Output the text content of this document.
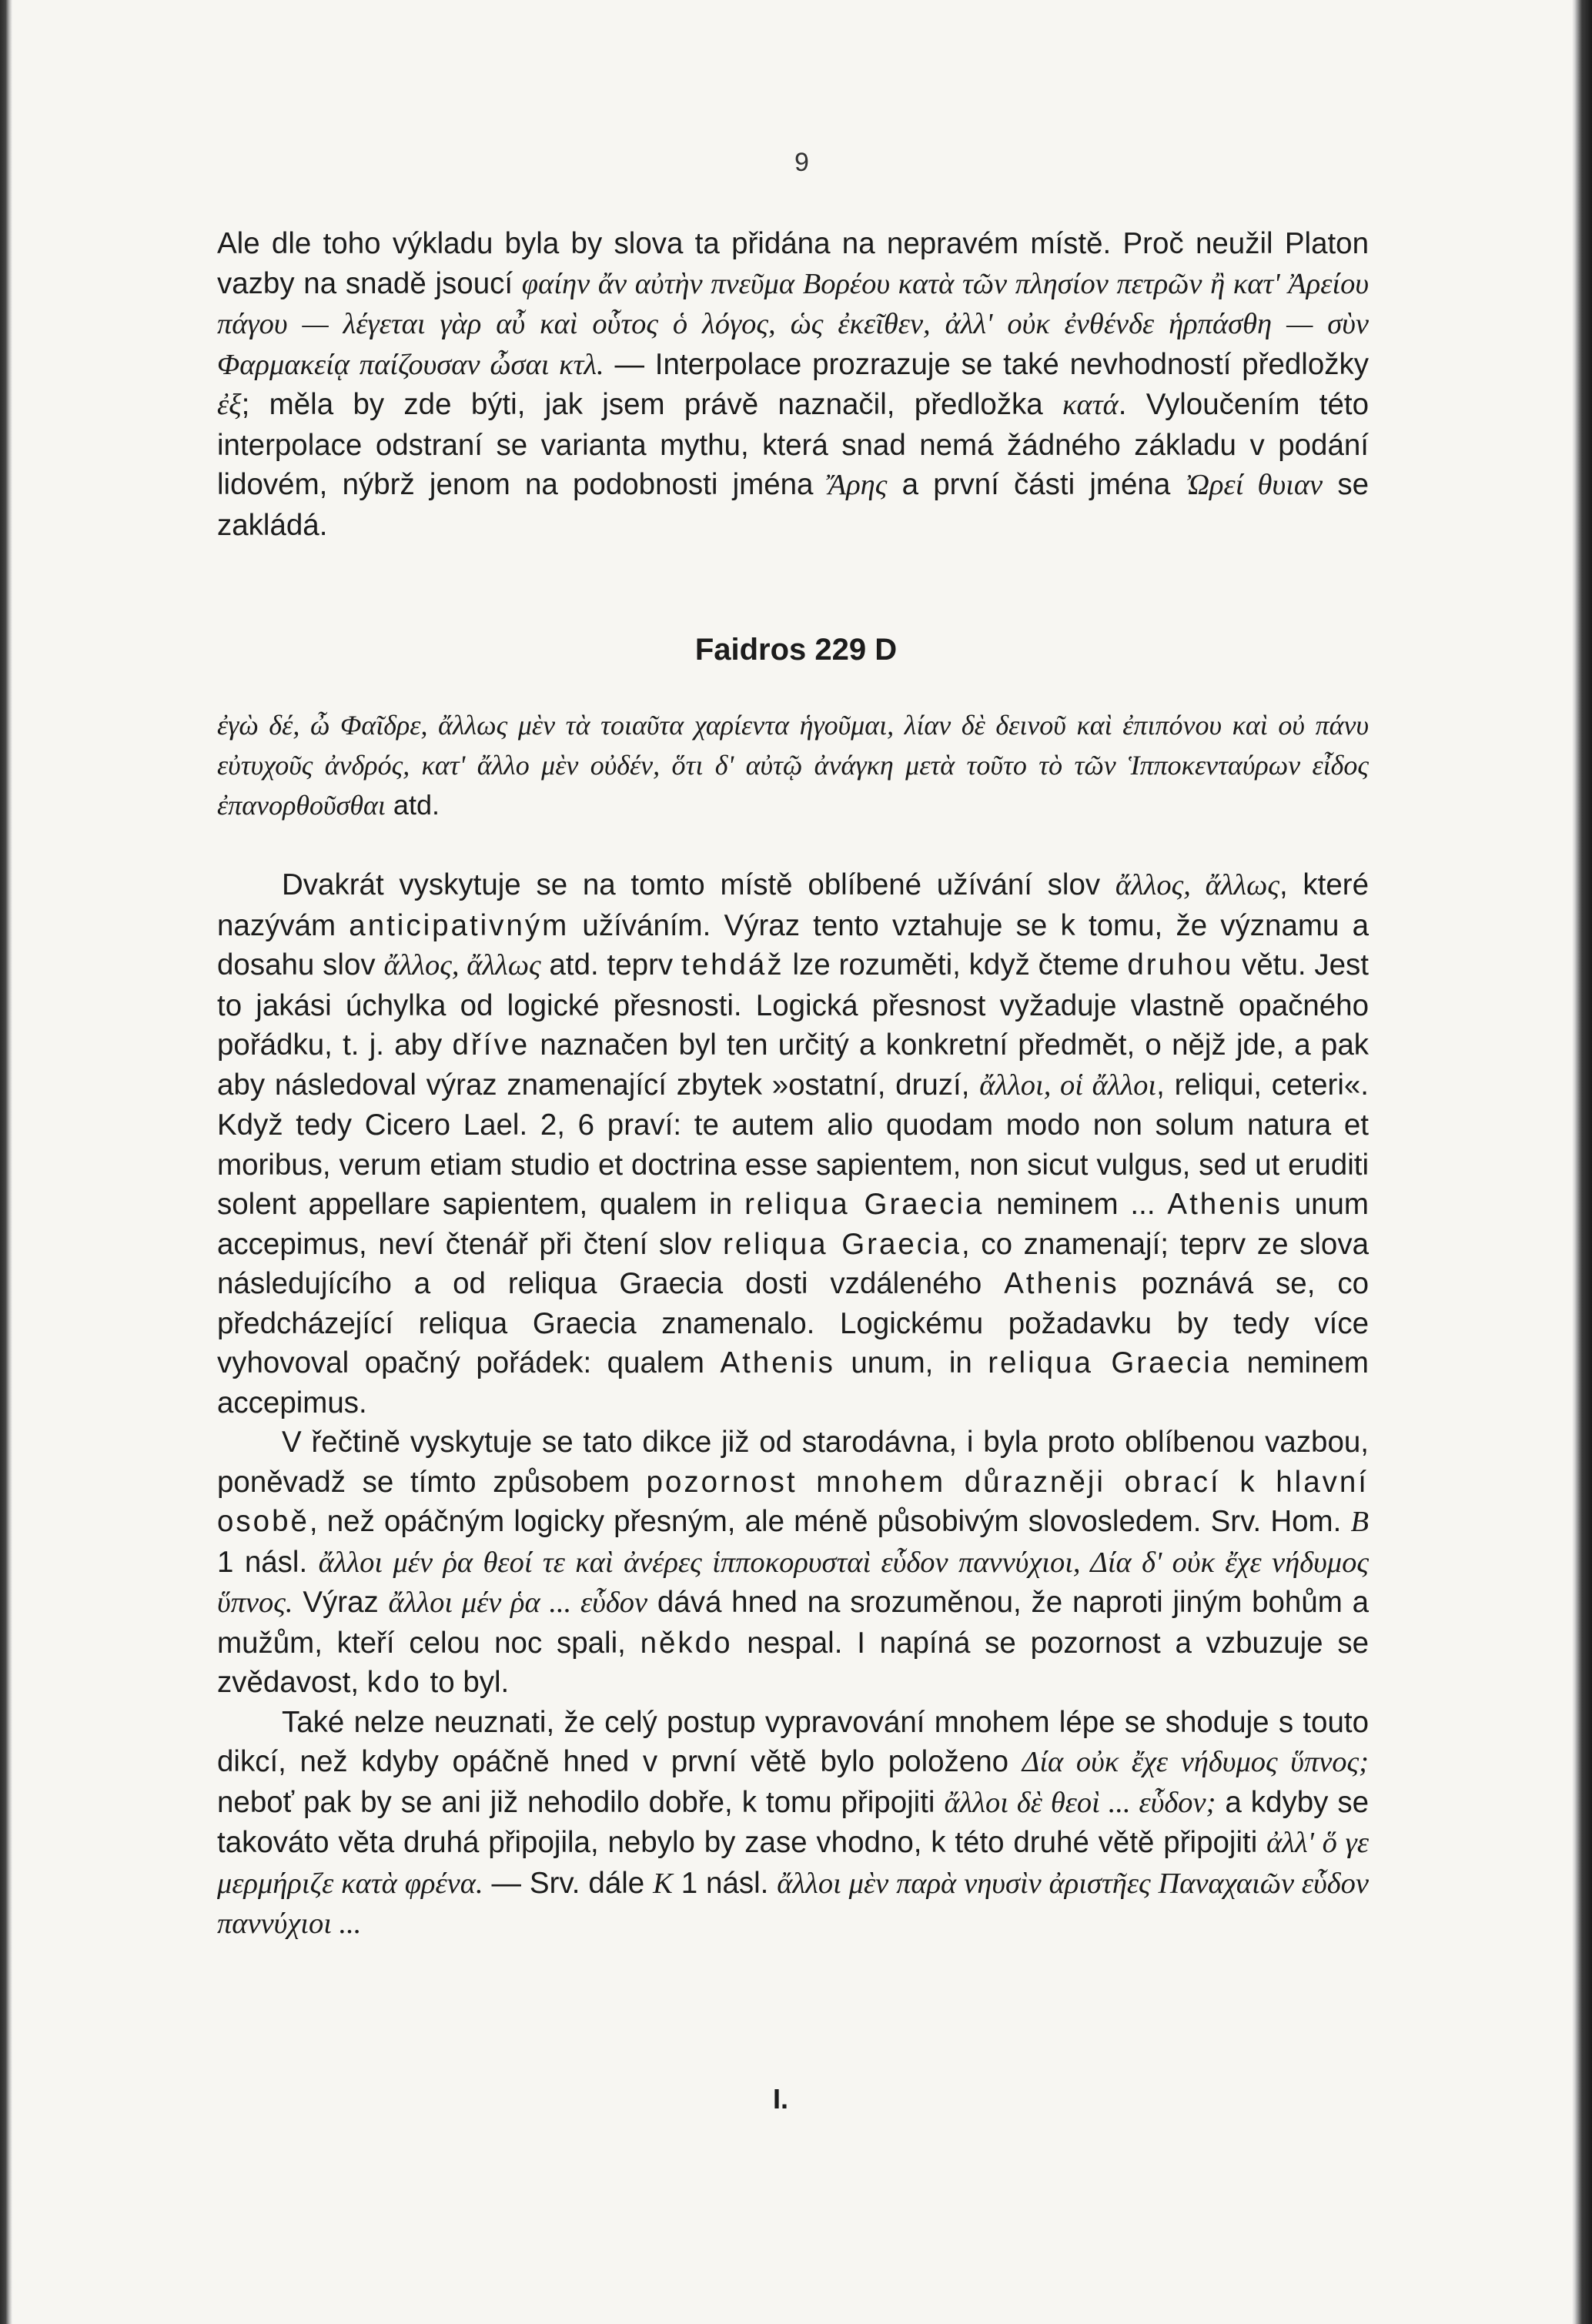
9

Ale dle toho výkladu byla by slova ta přidána na nepravém místě. Proč neužil Platon vazby na snadě jsoucí φαίην ἄν αὐτὴν πνεῦμα Βορέου κατὰ τῶν πλησίον πετρῶν ἢ κατ' Ἀρείου πάγου — λέγεται γὰρ αὖ καὶ οὗτος ὁ λόγος, ὡς ἐκεῖθεν, ἀλλ' οὐκ ἐνθένδε ἡρπάσθη — σὺν Φαρμακείᾳ παίζουσαν ὦσαι κτλ. — Interpolace prozrazuje se také nevhodností předložky ἐξ; měla by zde býti, jak jsem právě naznačil, předložka κατά. Vyloučením této interpolace odstraní se varianta mythu, která snad nemá žádného základu v podání lidovém, nýbrž jenom na podobnosti jména Ἄρης a první části jména Ὠρεί θυιαν se zakládá.

Faidros 229 D

ἐγὼ δέ, ὦ Φαῖδρε, ἄλλως μὲν τὰ τοιαῦτα χαρίεντα ἡγοῦμαι, λίαν δὲ δεινοῦ καὶ ἐπιπόνου καὶ οὐ πάνυ εὐτυχοῦς ἀνδρός, κατ' ἄλλο μὲν οὐδέν, ὅτι δ' αὐτῷ ἀνάγκη μετὰ τοῦτο τὸ τῶν Ἱπποκενταύρων εἶδος ἐπανορθοῦσθαι atd.

Dvakrát vyskytuje se na tomto místě oblíbené užívání slov ἄλλος, ἄλλως, které nazývám anticipativným užíváním. Výraz tento vztahuje se k tomu, že významu a dosahu slov ἄλλος, ἄλλως atd. teprv tehdáž lze rozuměti, když čteme druhou větu. Jest to jakási úchylka od logické přesnosti. Logická přesnost vyžaduje vlastně opačného pořádku, t. j. aby dříve naznačen byl ten určitý a konkretní předmět, o nějž jde, a pak aby následoval výraz znamenající zbytek »ostatní, druzí, ἄλλοι, οἱ ἄλλοι, reliqui, ceteri«. Když tedy Cicero Lael. 2, 6 praví: te autem alio quodam modo non solum natura et moribus, verum etiam studio et doctrina esse sapientem, non sicut vulgus, sed ut eruditi solent appellare sapientem, qualem in reliqua Graecia neminem ... Athenis unum accepimus, neví čtenář při čtení slov reliqua Graecia, co znamenají; teprv ze slova následujícího a od reliqua Graecia dosti vzdáleného Athenis poznává se, co předcházející reliqua Graecia znamenalo. Logickému požadavku by tedy více vyhovoval opačný pořádek: qualem Athenis unum, in reliqua Graecia neminem accepimus.

V řečtině vyskytuje se tato dikce již od starodávna, i byla proto oblíbenou vazbou, poněvadž se tímto způsobem pozornost mnohem důrazněji obrací k hlavní osobě, než opáčným logicky přesným, ale méně působivým slovosledem. Srv. Hom. Β 1 násl. ἄλλοι μέν ῥα θεοί τε καὶ ἀνέρες ἱπποκορυσταὶ εὗδον παννύχιοι, Δία δ' οὐκ ἔχε νήδυμος ὕπνος. Výraz ἄλλοι μέν ῥα ... εὗδον dává hned na srozuměnou, že naproti jiným bohům a mužům, kteří celou noc spali, někdo nespal. I napíná se pozornost a vzbuzuje se zvědavost, kdo to byl.

Také nelze neuznati, že celý postup vypravování mnohem lépe se shoduje s touto dikcí, než kdyby opáčně hned v první větě bylo položeno Δία οὐκ ἔχε νήδυμος ὕπνος; neboť pak by se ani již nehodilo dobře, k tomu připojiti ἄλλοι δὲ θεοὶ ... εὗδον; a kdyby se takováto věta druhá připojila, nebylo by zase vhodno, k této druhé větě připojiti ἀλλ' ὅ γε μερμήριζε κατὰ φρένα. — Srv. dále Κ 1 násl. ἄλλοι μὲν παρὰ νηυσὶν ἀριστῆες Παναχαιῶν εὗδον παννύχιοι ...

I.
